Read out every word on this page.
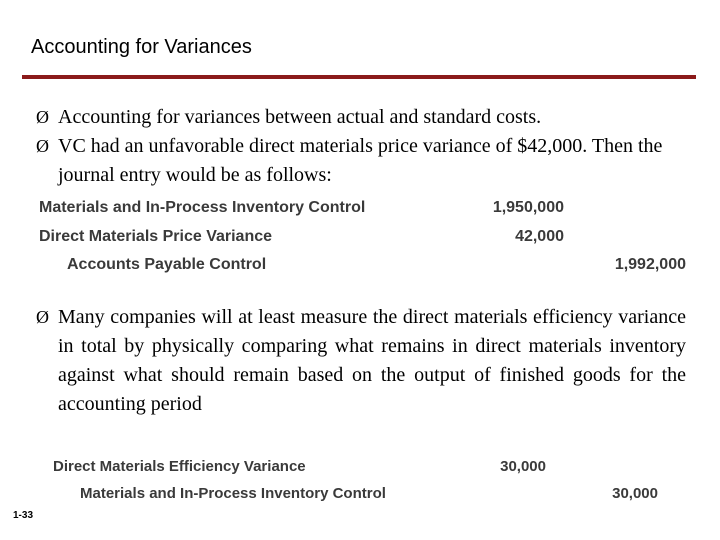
Accounting for Variances
Ø Accounting for variances between actual and standard costs.
Ø VC had an unfavorable direct materials price variance of $42,000. Then the journal entry would be as follows:
Materials and In-Process Inventory Control	1,950,000
Direct Materials Price Variance	42,000
Accounts Payable Control	1,992,000
Ø Many companies will at least measure the direct materials efficiency variance in total by physically comparing what remains in direct materials inventory against what should remain based on the output of finished goods for the accounting period
Direct Materials Efficiency Variance	30,000
Materials and In-Process Inventory Control	30,000
1-33
